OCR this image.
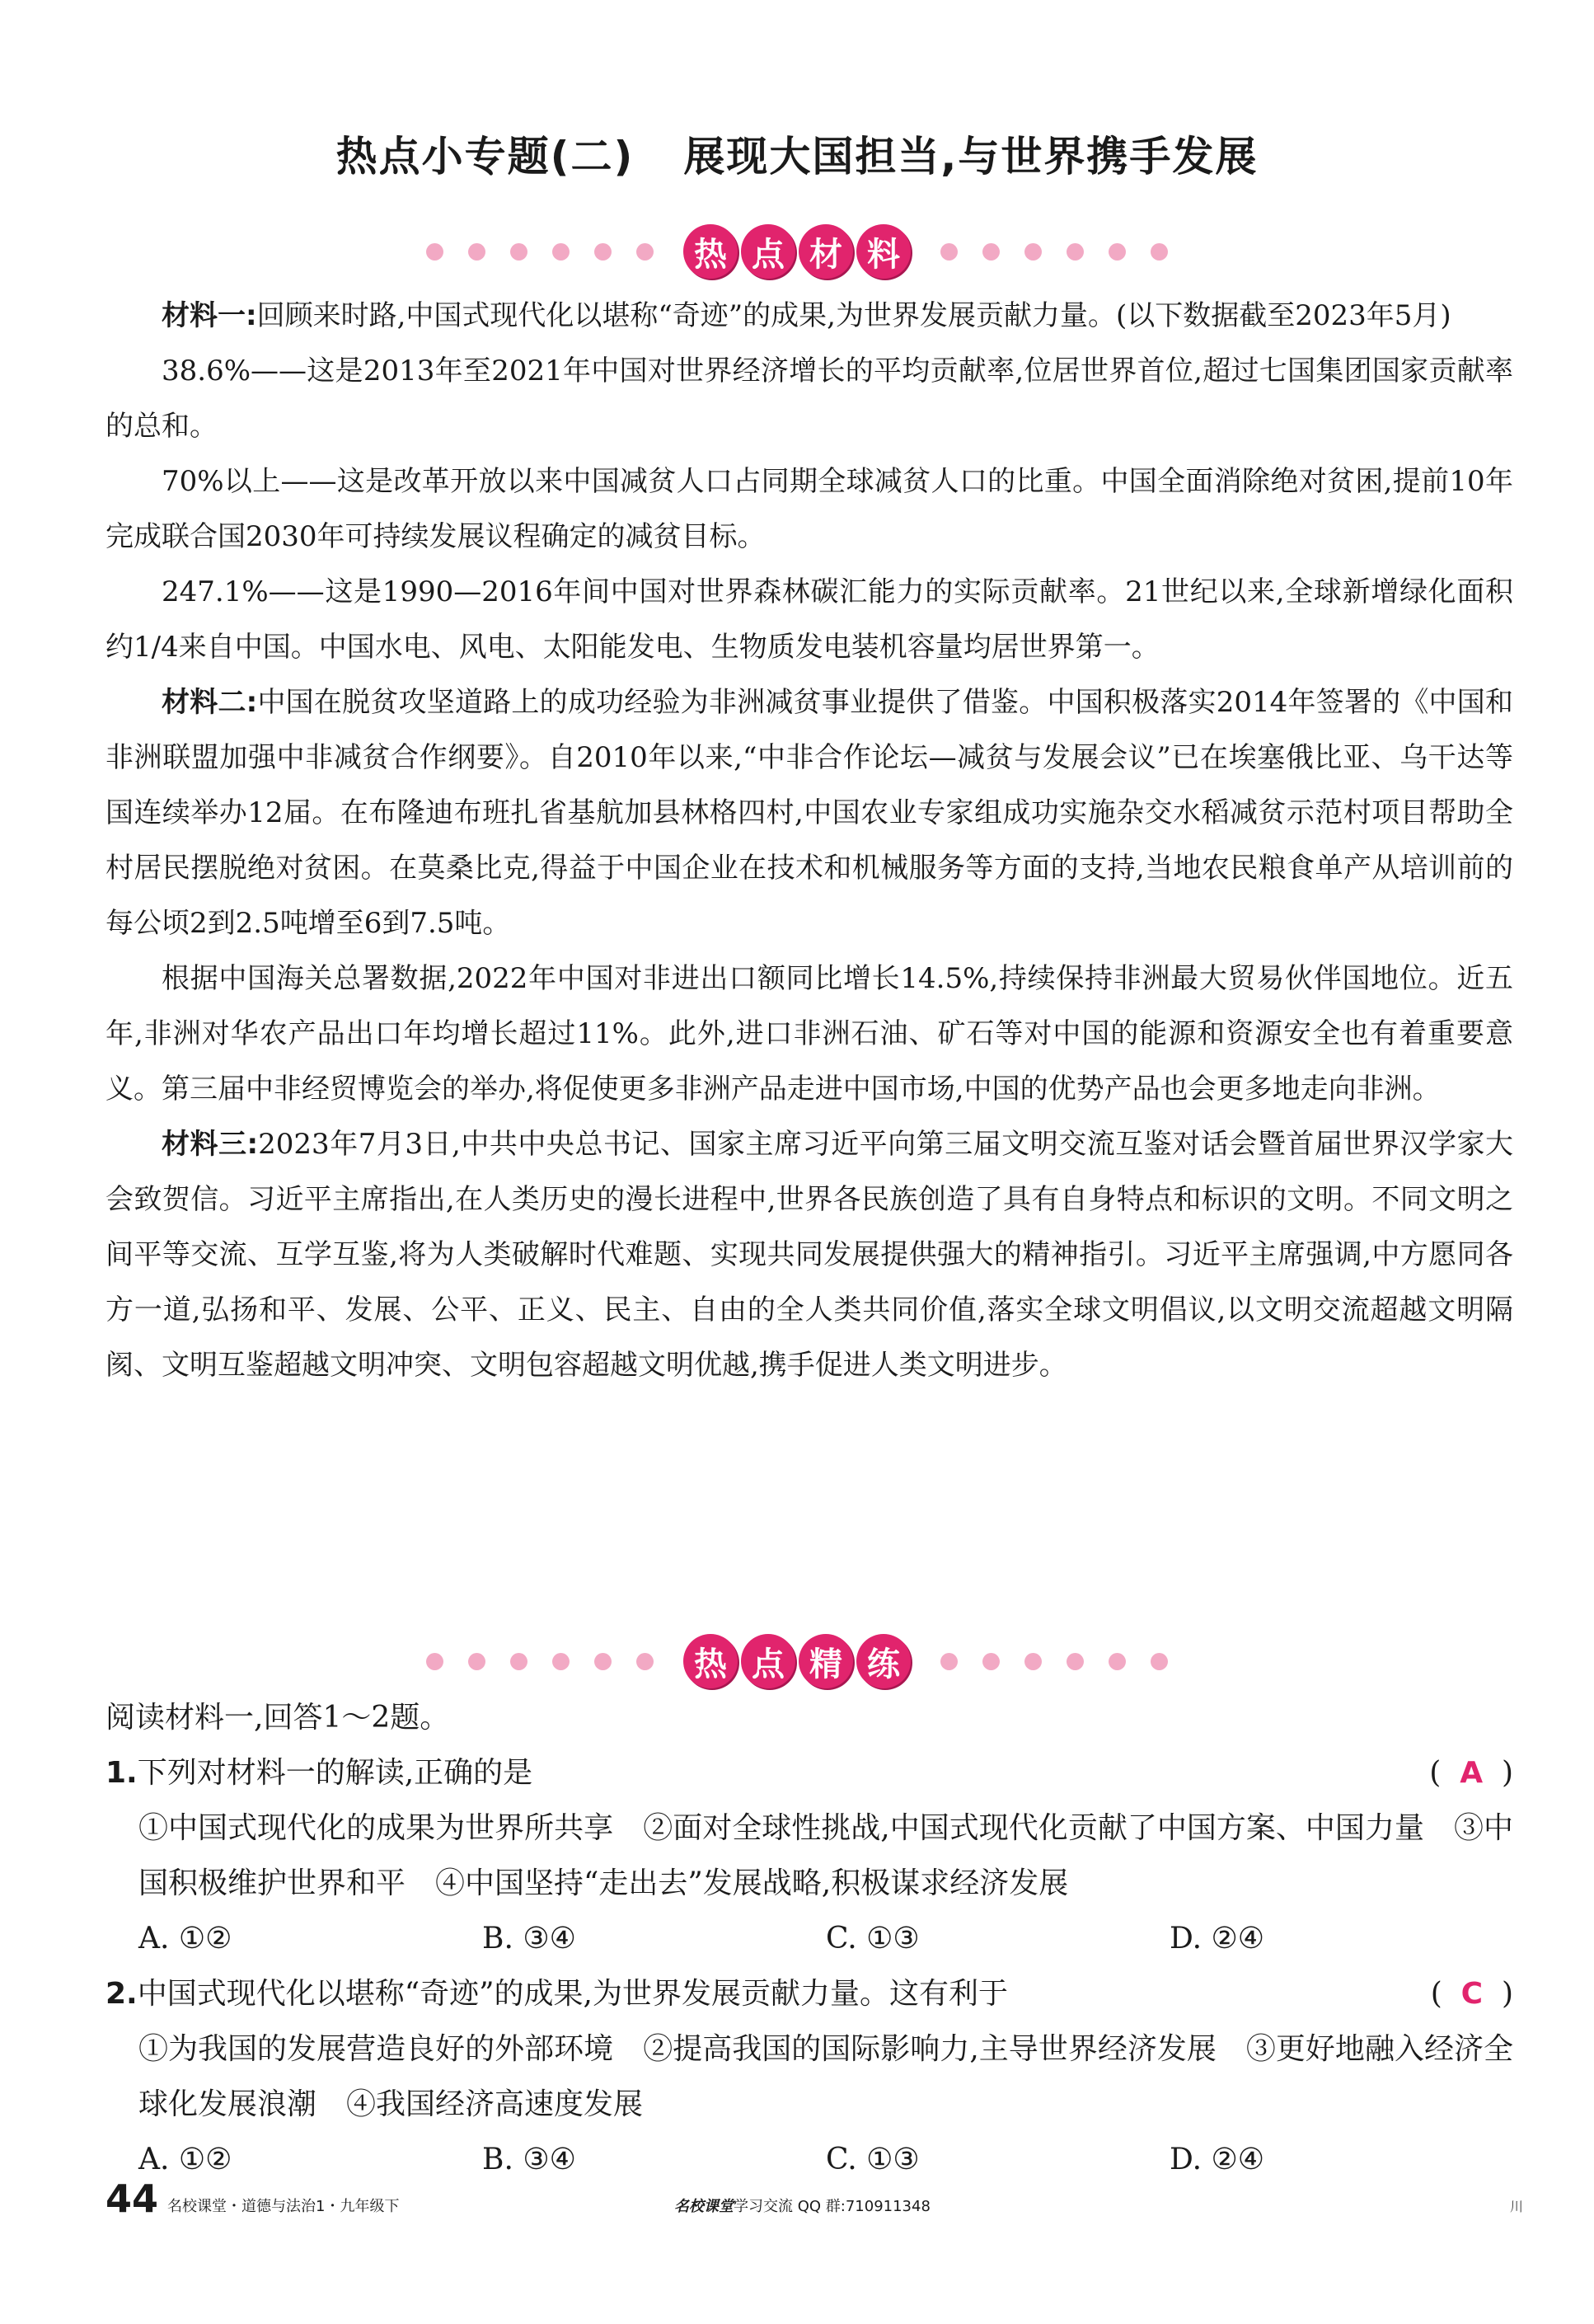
热点小专题(二) 展现大国担当,与世界携手发展
热 点 材 料

材料一:回顾来时路,中国式现代化以堪称“奇迹”的成果,为世界发展贡献力量。(以下数据截至2023年5月)

38.6%——这是2013年至2021年中国对世界经济增长的平均贡献率,位居世界首位,超过七国集团国家贡献率的总和。

70%以上——这是改革开放以来中国减贫人口占同期全球减贫人口的比重。中国全面消除绝对贫困,提前10年完成联合国2030年可持续发展议程确定的减贫目标。

247.1%——这是1990—2016年间中国对世界森林碳汇能力的实际贡献率。21世纪以来,全球新增绿化面积约1/4来自中国。中国水电、风电、太阳能发电、生物质发电装机容量均居世界第一。

材料二:中国在脱贫攻坚道路上的成功经验为非洲减贫事业提供了借鉴。中国积极落实2014年签署的《中国和非洲联盟加强中非减贫合作纲要》。自2010年以来,“中非合作论坛—减贫与发展会议”已在埃塞俄比亚、乌干达等国连续举办12届。在布隆迪布班扎省基航加县林格四村,中国农业专家组成功实施杂交水稻减贫示范村项目帮助全村居民摆脱绝对贫困。在莫桑比克,得益于中国企业在技术和机械服务等方面的支持,当地农民粮食单产从培训前的每公顷2到2.5吨增至6到7.5吨。

根据中国海关总署数据,2022年中国对非进出口额同比增长14.5%,持续保持非洲最大贸易伙伴国地位。近五年,非洲对华农产品出口年均增长超过11%。此外,进口非洲石油、矿石等对中国的能源和资源安全也有着重要意义。第三届中非经贸博览会的举办,将促使更多非洲产品走进中国市场,中国的优势产品也会更多地走向非洲。

材料三:2023年7月3日,中共中央总书记、国家主席习近平向第三届文明交流互鉴对话会暨首届世界汉学家大会致贺信。习近平主席指出,在人类历史的漫长进程中,世界各民族创造了具有自身特点和标识的文明。不同文明之间平等交流、互学互鉴,将为人类破解时代难题、实现共同发展提供强大的精神指引。习近平主席强调,中方愿同各方一道,弘扬和平、发展、公平、正义、民主、自由的全人类共同价值,落实全球文明倡议,以文明交流超越文明隔阂、文明互鉴超越文明冲突、文明包容超越文明优越,携手促进人类文明进步。

热 点 精 练

阅读材料一,回答1～2题。

1.下列对材料一的解读,正确的是	(  A  )

①中国式现代化的成果为世界所共享　②面对全球性挑战,中国式现代化贡献了中国方案、中国力量　③中国积极维护世界和平　④中国坚持“走出去”发展战略,积极谋求经济发展

A. ①②	B. ③④	C. ①③	D. ②④
2.中国式现代化以堪称“奇迹”的成果,为世界发展贡献力量。这有利于	(  C  )

①为我国的发展营造良好的外部环境　②提高我国的国际影响力,主导世界经济发展　③更好地融入经济全球化发展浪潮　④我国经济高速度发展

A. ①②	B. ③④	C. ①③	D. ②④
44 名校课堂・道德与法治1・九年级下	名校课堂学习交流 QQ 群:710911348	川
